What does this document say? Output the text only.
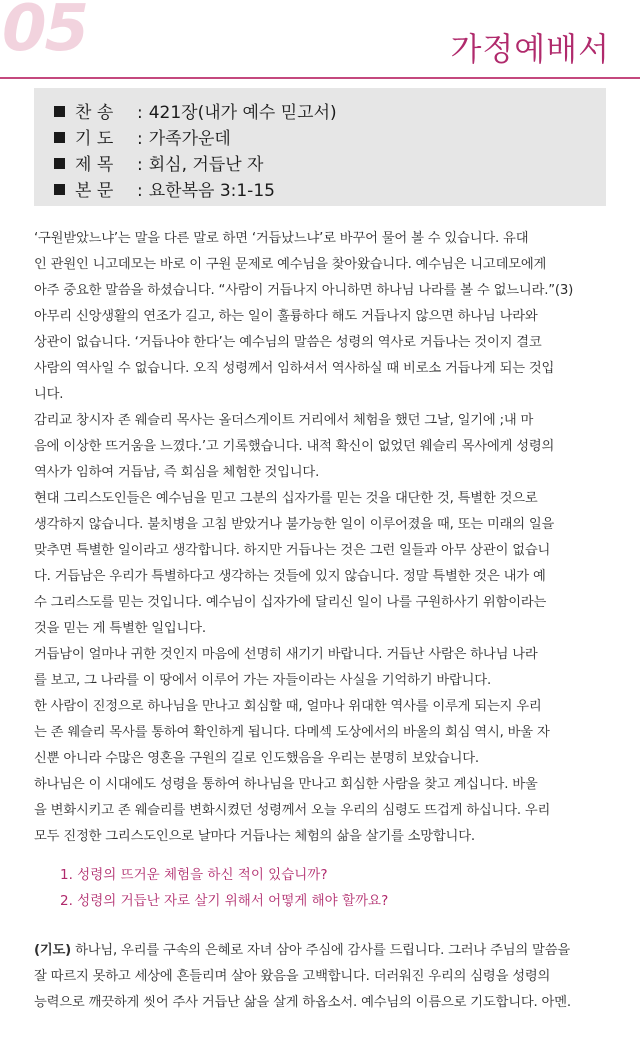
05	가정예배서
찬 송 : 421장(내가 예수 믿고서)
기 도 : 가족가운데
제 목 : 회심, 거듭난 자
본 문 : 요한복음 3:1-15
‘구원받았느냐’는 말을 다른 말로 하면 ‘거듭났느냐’로 바꾸어 물어 볼 수 있습니다. 유대
인 관원인 니고데모는 바로 이 구원 문제로 예수님을 찾아왔습니다. 예수님은 니고데모에게
아주 중요한 말씀을 하셨습니다. “사람이 거듭나지 아니하면 하나님 나라를 볼 수 없느니라.”(3)
아무리 신앙생활의 연조가 길고, 하는 일이 훌륭하다 해도 거듭나지 않으면 하나님 나라와
상관이 없습니다. ‘거듭나야 한다’는 예수님의 말씀은 성령의 역사로 거듭나는 것이지 결코
사람의 역사일 수 없습니다. 오직 성령께서 임하셔서 역사하실 때 비로소 거듭나게 되는 것입
니다.
감리교 창시자 존 웨슬리 목사는 올더스게이트 거리에서 체험을 했던 그날, 일기에 ;내 마
음에 이상한 뜨거움을 느꼈다.’고 기록했습니다. 내적 확신이 없었던 웨슬리 목사에게 성령의
역사가 임하여 거듭남, 즉 회심을 체험한 것입니다.
현대 그리스도인들은 예수님을 믿고 그분의 십자가를 믿는 것을 대단한 것, 특별한 것으로
생각하지 않습니다. 불치병을 고침 받았거나 불가능한 일이 이루어졌을 때, 또는 미래의 일을
맞추면 특별한 일이라고 생각합니다. 하지만 거듭나는 것은 그런 일들과 아무 상관이 없습니
다. 거듭남은 우리가 특별하다고 생각하는 것들에 있지 않습니다. 정말 특별한 것은 내가 예
수 그리스도를 믿는 것입니다. 예수님이 십자가에 달리신 일이 나를 구원하사기 위함이라는
것을 믿는 게 특별한 일입니다.
거듭남이 얼마나 귀한 것인지 마음에 선명히 새기기 바랍니다. 거듭난 사람은 하나님 나라
를 보고, 그 나라를 이 땅에서 이루어 가는 자들이라는 사실을 기억하기 바랍니다.
한 사람이 진정으로 하나님을 만나고 회심할 때, 얼마나 위대한 역사를 이루게 되는지 우리
는 존 웨슬리 목사를 통하여 확인하게 됩니다. 다메섹 도상에서의 바울의 회심 역시, 바울 자
신뿐 아니라 수많은 영혼을 구원의 길로 인도했음을 우리는 분명히 보았습니다.
하나님은 이 시대에도 성령을 통하여 하나님을 만나고 회심한 사람을 찾고 계십니다. 바울
을 변화시키고 존 웨슬리를 변화시켰던 성령께서 오늘 우리의 심령도 뜨겁게 하십니다. 우리
모두 진정한 그리스도인으로 날마다 거듭나는 체험의 삶을 살기를 소망합니다.
1. 성령의 뜨거운 체험을 하신 적이 있습니까?
2. 성령의 거듭난 자로 살기 위해서 어떻게 해야 할까요?
(기도) 하나님, 우리를 구속의 은혜로 자녀 삼아 주심에 감사를 드립니다. 그러나 주님의 말씀을
잘 따르지 못하고 세상에 흔들리며 살아 왔음을 고백합니다. 더러워진 우리의 심령을 성령의
능력으로 깨끗하게 씻어 주사 거듭난 삶을 살게 하옵소서. 예수님의 이름으로 기도합니다. 아멘.
